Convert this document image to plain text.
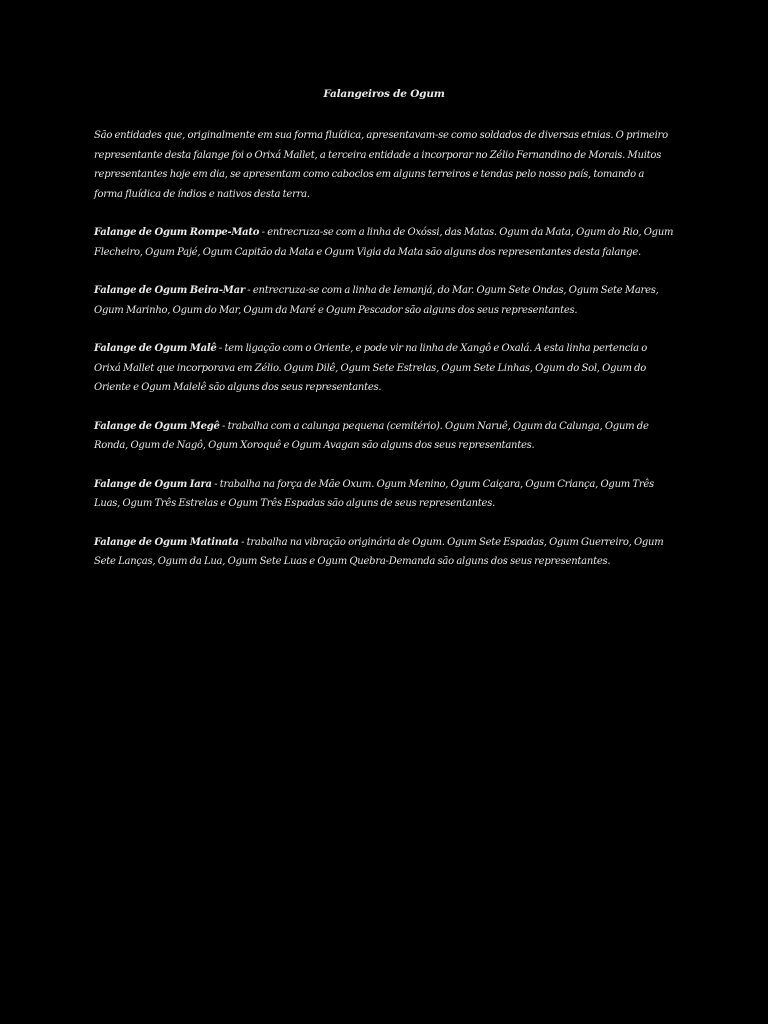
Falangeiros de Ogum

São entidades que, originalmente em sua forma fluídica, apresentavam-se como soldados de diversas etnias. O primeiro representante desta falange foi o Orixá Mallet, a terceira entidade a incorporar no Zélio Fernandino de Morais. Muitos representantes hoje em dia, se apresentam como caboclos em alguns terreiros e tendas pelo nosso país, tomando a forma fluídica de índios e nativos desta terra.

Falange de Ogum Rompe-Mato - entrecruza-se com a linha de Oxóssi, das Matas. Ogum da Mata, Ogum do Rio, Ogum Flecheiro, Ogum Pajé, Ogum Capitão da Mata e Ogum Vigia da Mata são alguns dos representantes desta falange.

Falange de Ogum Beira-Mar - entrecruza-se com a linha de Iemanjá, do Mar. Ogum Sete Ondas, Ogum Sete Mares, Ogum Marinho, Ogum do Mar, Ogum da Maré e Ogum Pescador são alguns dos seus representantes.

Falange de Ogum Malê - tem ligação com o Oriente, e pode vir na linha de Xangô e Oxalá. A esta linha pertencia o Orixá Mallet que incorporava em Zélio. Ogum Dilê, Ogum Sete Estrelas, Ogum Sete Linhas, Ogum do Sol, Ogum do Oriente e Ogum Malelê são alguns dos seus representantes.

Falange de Ogum Megê - trabalha com a calunga pequena (cemitério). Ogum Naruê, Ogum da Calunga, Ogum de Ronda, Ogum de Nagô, Ogum Xoroquê e Ogum Avagan são alguns dos seus representantes.

Falange de Ogum Iara - trabalha na força de Mãe Oxum. Ogum Menino, Ogum Caiçara, Ogum Criança, Ogum Três Luas, Ogum Três Estrelas e Ogum Três Espadas são alguns de seus representantes.

Falange de Ogum Matinata - trabalha na vibração originária de Ogum. Ogum Sete Espadas, Ogum Guerreiro, Ogum Sete Lanças, Ogum da Lua, Ogum Sete Luas e Ogum Quebra-Demanda são alguns dos seus representantes.
